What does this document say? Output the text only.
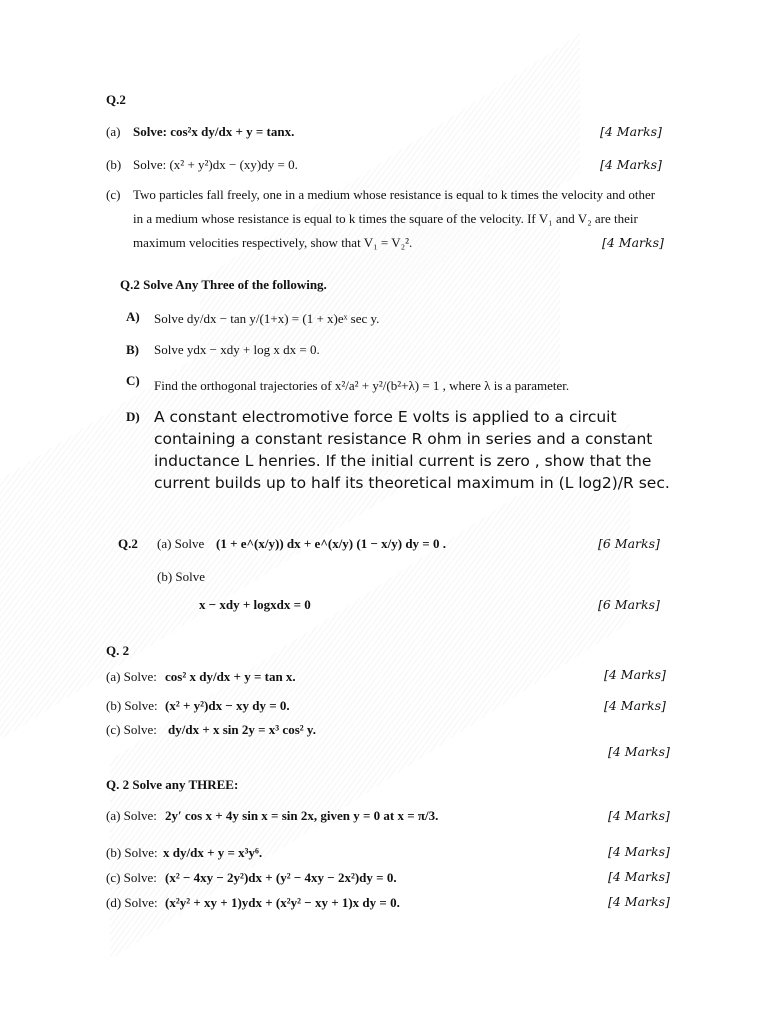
Q.2
(a) Solve: cos²x dy/dx + y = tanx.	[4 Marks]
(b) Solve: (x² + y²)dx − (xy)dy = 0.	[4 Marks]
(c) Two particles fall freely, one in a medium whose resistance is equal to k times the velocity and other
in a medium whose resistance is equal to k times the square of the velocity. If V₁ and V₂ are their
maximum velocities respectively, show that V₁ = V₂².	[4 Marks]
Q.2 Solve Any Three of the following.
A) Solve dy/dx − tan y/(1+x) = (1 + x)eˣ sec y.
B) Solve ydx − xdy + log x dx = 0.
C) Find the orthogonal trajectories of x²/a² + y²/(b²+λ) = 1 , where λ is a parameter.
D) A constant electromotive force E volts is applied to a circuit
containing a constant resistance R ohm in series and a constant
inductance L henries. If the initial current is zero , show that the
current builds up to half its theoretical maximum in (L log2)/R sec.
Q.2 (a) Solve (1 + e^(x/y)) dx + e^(x/y) (1 − x/y) dy = 0 .	[6 Marks]
(b) Solve
x − xdy + logxdx = 0	[6 Marks]
Q. 2
(a) Solve: cos² x dy/dx + y = tan x.	[4 Marks]
(b) Solve: (x² + y²)dx − xy dy = 0.	[4 Marks]
(c) Solve: dy/dx + x sin 2y = x³ cos² y.
[4 Marks]
Q. 2 Solve any THREE:
(a) Solve: 2y′ cos x + 4y sin x = sin 2x, given y = 0 at x = π/3.	[4 Marks]
(b) Solve: x dy/dx + y = x³y⁶.	[4 Marks]
(c) Solve: (x² − 4xy − 2y²)dx + (y² − 4xy − 2x²)dy = 0.	[4 Marks]
(d) Solve: (x²y² + xy + 1)ydx + (x²y² − xy + 1)x dy = 0.	[4 Marks]
